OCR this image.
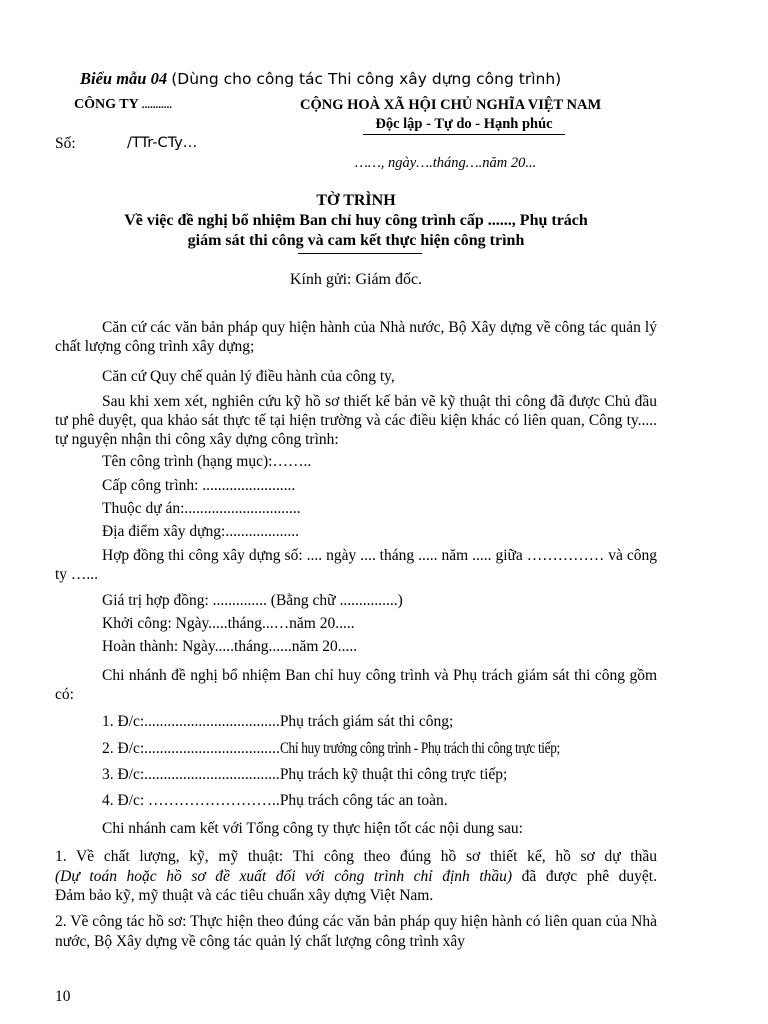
Biểu mẫu 04 (Dùng cho công tác Thi công xây dựng công trình)
CÔNG TY ...........	CỘNG HOÀ XÃ HỘI CHỦ NGHĨA VIỆT NAM
Độc lập - Tự do - Hạnh phúc
Số:	/TTr-CTy…
……, ngày….tháng….năm 20...
TỜ TRÌNH
Về việc đề nghị bổ nhiệm Ban chỉ huy công trình cấp ......, Phụ trách
giám sát thi công và cam kết thực hiện công trình
Kính gửi: Giám đốc.
Căn cứ các văn bản pháp quy hiện hành của Nhà nước, Bộ Xây dựng về công tác quản lý chất lượng công trình xây dựng;
Căn cứ Quy chế quản lý điều hành của công ty,
Sau khi xem xét, nghiên cứu kỹ hồ sơ thiết kế bản vẽ kỹ thuật thi công đã được Chủ đầu tư phê duyệt, qua khảo sát thực tế tại hiện trường và các điều kiện khác có liên quan, Công ty..... tự nguyện nhận thi công xây dựng công trình:
Tên công trình (hạng mục):……..
Cấp công trình: ........................
Thuộc dự án:..............................
Địa điểm xây dựng:...................
Hợp đồng thi công xây dựng số: .... ngày .... tháng ..... năm ..... giữa …………… và công ty …...
Giá trị hợp đồng: .............. (Bằng chữ ...............)
Khởi công: Ngày.....tháng...…năm 20.....
Hoàn thành: Ngày.....tháng......năm 20.....
Chi nhánh đề nghị bổ nhiệm Ban chỉ huy công trình và Phụ trách giám sát thi công gồm có:
1. Đ/c:...................................Phụ trách giám sát thi công;
2. Đ/c:...................................Chỉ huy trưởng công trình - Phụ trách thi công trực tiếp;
3. Đ/c:...................................Phụ trách kỹ thuật thi công trực tiếp;
4. Đ/c: ……………………..Phụ trách công tác an toàn.
Chi nhánh cam kết với Tổng công ty thực hiện tốt các nội dung sau:
1. Về chất lượng, kỹ, mỹ thuật: Thi công theo đúng hồ sơ thiết kế, hồ sơ dự thầu
(Dự toán hoặc hồ sơ đề xuất đối với công trình chỉ định thầu) đã được phê duyệt.
Đảm bảo kỹ, mỹ thuật và các tiêu chuẩn xây dựng Việt Nam.
2. Về công tác hồ sơ: Thực hiện theo đúng các văn bản pháp quy hiện hành có liên quan của Nhà nước, Bộ Xây dựng về công tác quản lý chất lượng công trình xây
10
